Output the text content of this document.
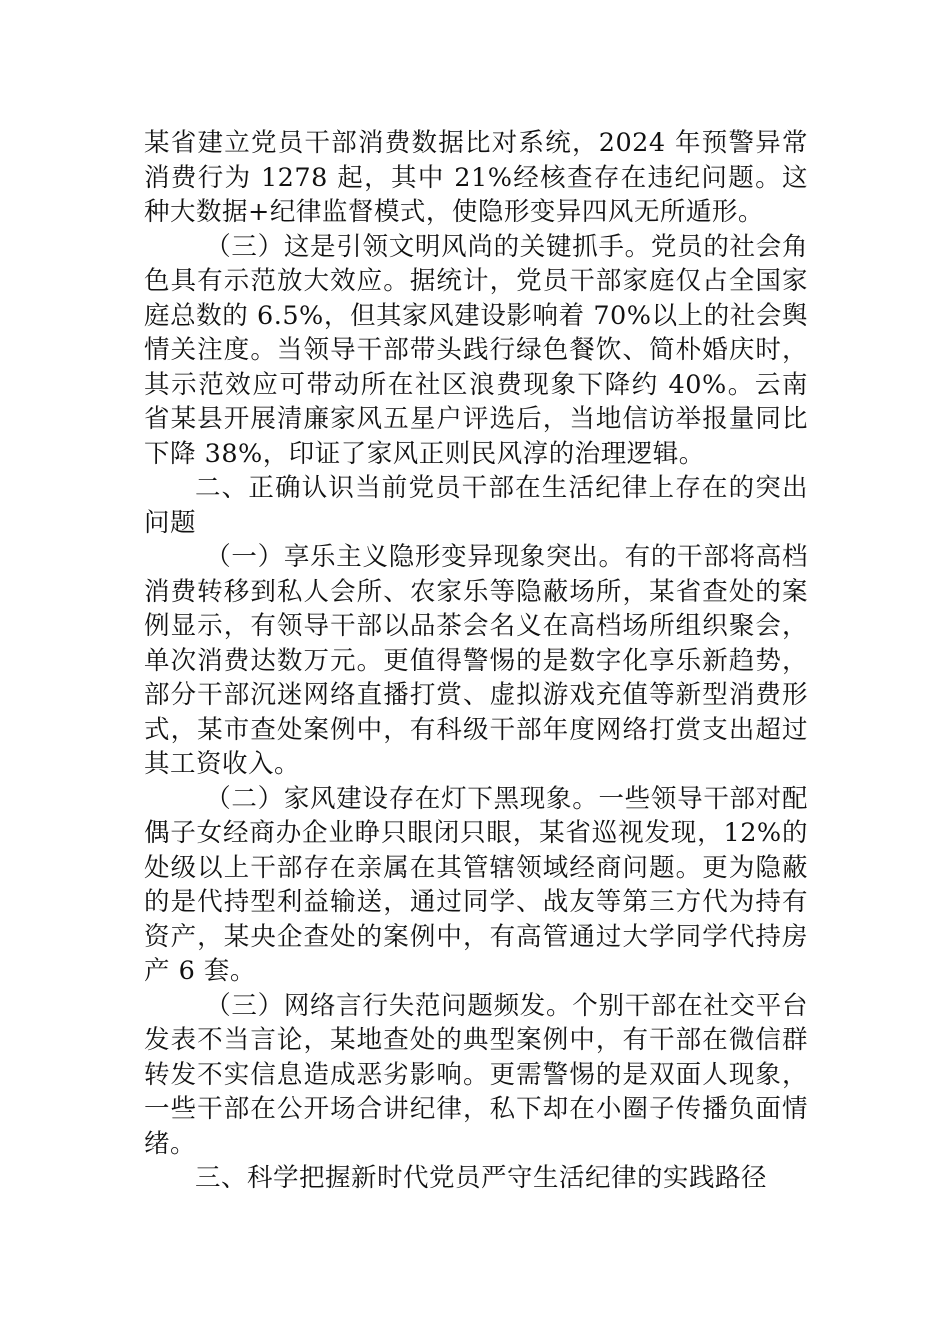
某省建立党员干部消费数据比对系统，2024 年预警异常消费行为 1278 起，其中 21%经核查存在违纪问题。这种大数据+纪律监督模式，使隐形变异四风无所遁形。

（三）这是引领文明风尚的关键抓手。党员的社会角色具有示范放大效应。据统计，党员干部家庭仅占全国家庭总数的 6.5%，但其家风建设影响着 70%以上的社会舆情关注度。当领导干部带头践行绿色餐饮、简朴婚庆时，其示范效应可带动所在社区浪费现象下降约 40%。云南省某县开展清廉家风五星户评选后，当地信访举报量同比下降 38%，印证了家风正则民风淳的治理逻辑。

二、正确认识当前党员干部在生活纪律上存在的突出问题

（一）享乐主义隐形变异现象突出。有的干部将高档消费转移到私人会所、农家乐等隐蔽场所，某省查处的案例显示，有领导干部以品茶会名义在高档场所组织聚会，单次消费达数万元。更值得警惕的是数字化享乐新趋势，部分干部沉迷网络直播打赏、虚拟游戏充值等新型消费形式，某市查处案例中，有科级干部年度网络打赏支出超过其工资收入。

（二）家风建设存在灯下黑现象。一些领导干部对配偶子女经商办企业睁只眼闭只眼，某省巡视发现，12%的处级以上干部存在亲属在其管辖领域经商问题。更为隐蔽的是代持型利益输送，通过同学、战友等第三方代为持有资产，某央企查处的案例中，有高管通过大学同学代持房产 6 套。

（三）网络言行失范问题频发。个别干部在社交平台发表不当言论，某地查处的典型案例中，有干部在微信群转发不实信息造成恶劣影响。更需警惕的是双面人现象，一些干部在公开场合讲纪律，私下却在小圈子传播负面情绪。

三、科学把握新时代党员严守生活纪律的实践路径
